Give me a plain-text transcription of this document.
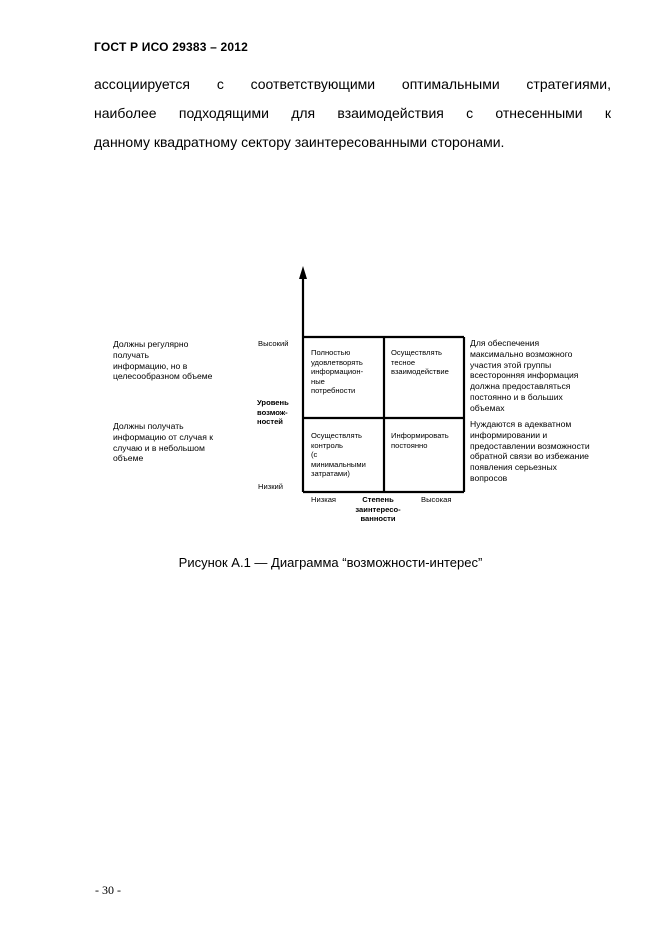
ГОСТ Р ИСО 29383 – 2012
ассоциируется с соответствующими оптимальными стратегиями,
наиболее подходящими для взаимодействия с отнесенными к
данному квадратному сектору заинтересованными сторонами.
Должны регулярно
получать
информацию, но в
целесообразном объеме
Должны получать
информацию от случая к
случаю и в небольшом
объеме
Высокий
Уровень
возмож-
ностей
Низкий
Полностью
удовлетворять
информацион-
ные
потребности
Осуществлять
тесное
взаимодействие
Осуществлять
контроль
(с
минимальными
затратами)
Информировать
постоянно
Для обеспечения
максимально возможного
участия этой группы
всесторонняя информация
должна предоставляться
постоянно и в больших
объемах
Нуждаются в адекватном
информировании и
предоставлении возможности
обратной связи во избежание
появления серьезных
вопросов
Низкая	Степень
заинтересо-
ванности
Высокая
Рисунок А.1 — Диаграмма “возможности-интерес”
- 30 -
